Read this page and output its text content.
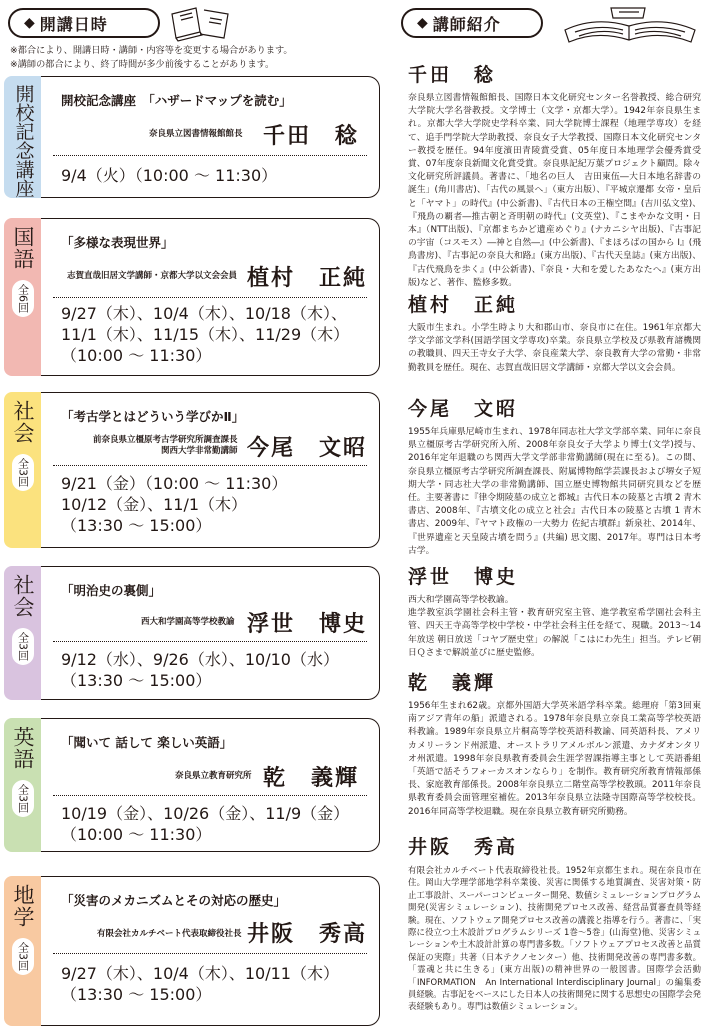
◆ 開講日時	◆ 講師紹介
※都合により、開講日時・講師・内容等を変更する場合があります。
※講師の都合により、終了時間が多少前後することがあります。
開校記念講座 開校記念講座　「ハザードマップを読む」
奈良県立図書情報館館長 千田　稔
9/4（火）（10:00 ～ 11:30）
国語
全6回
「多様な表現世界」
志賀直哉旧居文学講師・京都大学以文会会員 植村　正純
9/27（木）、10/4（木）、10/18（木）、
11/1（木）、11/15（木）、11/29（木）
（10:00 ～ 11:30）
社会
全3回
「考古学とはどういう学びかⅡ」
前奈良県立橿原考古学研究所調査課長
関西大学非常勤講師 今尾　文昭
9/21（金）（10:00 ～ 11:30）
10/12（金）、11/1（木）
（13:30 ～ 15:00）
社会
全3回
「明治史の裏側」
西大和学園高等学校教諭 浮世　博史
9/12（水）、9/26（水）、10/10（水）
（13:30 ～ 15:00）
英語
全3回
「聞いて 話して 楽しい英語」
奈良県立教育研究所 乾　義輝
10/19（金）、10/26（金）、11/9（金）
（10:00 ～ 11:30）
地学
全3回
「災害のメカニズムとその対応の歴史」
有限会社カルチベート代表取締役社長 井阪　秀高
9/27（木）、10/4（木）、10/11（木）
（13:30 ～ 15:00）
千田　稔
奈良県立図書情報館館長、国際日本文化研究センター名誉教授、総合研究大学院大学名誉教授。文学博士（文学・京都大学）。1942年奈良県生まれ。京都大学大学院史学科卒業、同大学院博士課程（地理学専攻）を経て、追手門学院大学助教授、奈良女子大学教授、国際日本文化研究センター教授を歴任。94年度濱田青陵賞受賞、05年度日本地理学会優秀賞受賞、07年度奈良新聞文化賞受賞。奈良県記紀万葉プロジェクト顧問。除々文化研究所評議員。著書に、「地名の巨人　吉田東伍―大日本地名辞書の誕生」(角川書店)、「古代の風景へ」（東方出版）、『平城京遷都 女帝・皇后と「ヤマト」の時代』(中公新書)、『古代日本の王権空間』(吉川弘文堂)、『飛鳥の覇者―推古朝と斉明朝の時代』(文英堂)、『こまやかな文明・日本』（NTT出版)、『京都まちかど遺産めぐり』(ナカニシヤ出版)、『古事記の宇宙（コスモス）―神と自然―』(中公新書)、『まほろばの国から Ⅰ』(飛鳥書房)、『古事記の奈良大和路』(東方出版)、『古代天皇誌』(東方出版)、『古代飛鳥を歩く』(中公新書)、『奈良・大和を愛したあなたへ』(東方出版)など、著作、監修多数。
植村　正純
大阪市生まれ。小学生時より大和郡山市、奈良市に在住。1961年京都大学文学部文学科(国語学国文学専攻)卒業。奈良県立学校及び県教育諸機関の教職員、四天王寺女子大学、奈良産業大学、奈良教育大学の常勤・非常勤教員を歴任。現在、志賀直哉旧居文学講師・京都大学以文会会員。
今尾　文昭
1955年兵庫県尼崎市生まれ、1978年同志社大学文学部卒業、同年に奈良県立橿原考古学研究所入所、2008年奈良女子大学より博士(文学)授与、2016年定年退職のち関西大学文学部非常勤講師(現在に至る)。この間、奈良県立橿原考古学研究所調査課長、附属博物館学芸課長および堺女子短期大学・同志社大学の非常勤講師、国立歴史博物館共同研究員などを歴任。主要著書に『律令期陵墓の成立と都城』古代日本の陵墓と古墳 2 青木書店、2008年、『古墳文化の成立と社会』古代日本の陵墓と古墳 1 青木書店、2009年、『ヤマト政権の一大勢力 佐紀古墳群』新泉社、2014年、『世界遺産と天皇陵古墳を問う』(共編) 思文閣、2017年。専門は日本考古学。
浮世　博史
西大和学園高等学校教諭。
進学教室浜学園社会科主管・教育研究室主管、進学教室希学園社会科主管、四天王寺高等学校中学校・中学社会科主任を経て、現職。2013～14年放送 朝日放送「コヤブ歴史堂」の解説「こはにわ先生」担当。テレビ朝日Ｑさまで解説並びに歴史監修。
乾　義輝
1956年生まれ62歳。京都外国語大学英米語学科卒業。総理府「第3回東南アジア青年の船」派遣される。1978年奈良県立奈良工業高等学校英語科教諭。1989年奈良県立片桐高等学校英語科教諭、同英語科長、アメリカメリーランド州派遣、オーストラリアメルボルン派遣、カナダオンタリオ州派遣。1998年奈良県教育委員会生涯学習課指導主事として英語番組「英語で話そうフォーカスオンならり」を制作。教育研究所教育情報部係長、家庭教育部係長。2008年奈良県立二階堂高等学校教頭。2011年奈良県教育委員会面管理室補佐。2013年奈良県立法隆寺国際高等学校校長。2016年同高等学校退職。現在奈良県立教育研究所勤務。
井阪　秀高
有限会社カルチベート代表取締役社長。1952年京都生まれ。現在奈良市在住。岡山大学理学部地学科卒業後、災害に関係する地質調査、災害対策・防止工事設計、スーパーコンピューター開発、数値シミュレーションプログラム開発(災害シミュレーション)、技術開発プロセス改善、経営品質審査員等経験。現在、ソフトウェア開発プロセス改善の講義と指導を行う。著書に、「実際に役立つ土木設計プログラムシリーズ 1巻～5巻」(山海堂)他、災害シミュレーションや土木設計計算の専門書多数。「ソフトウェアプロセス改善と品質保証の実際」共著（日本テクノセンター）他、技術開発改善の専門書多数。「霊魂と共に生きる」(東方出版)の精神世界の一般図書。国際学会活動「INFORMATION　An International Interdisciplinary Journal」の編集委員経験。古事記をベースにした日本人の技術開発に関する思想史の国際学会発表経験もあり。専門は数値シミュレーション。
